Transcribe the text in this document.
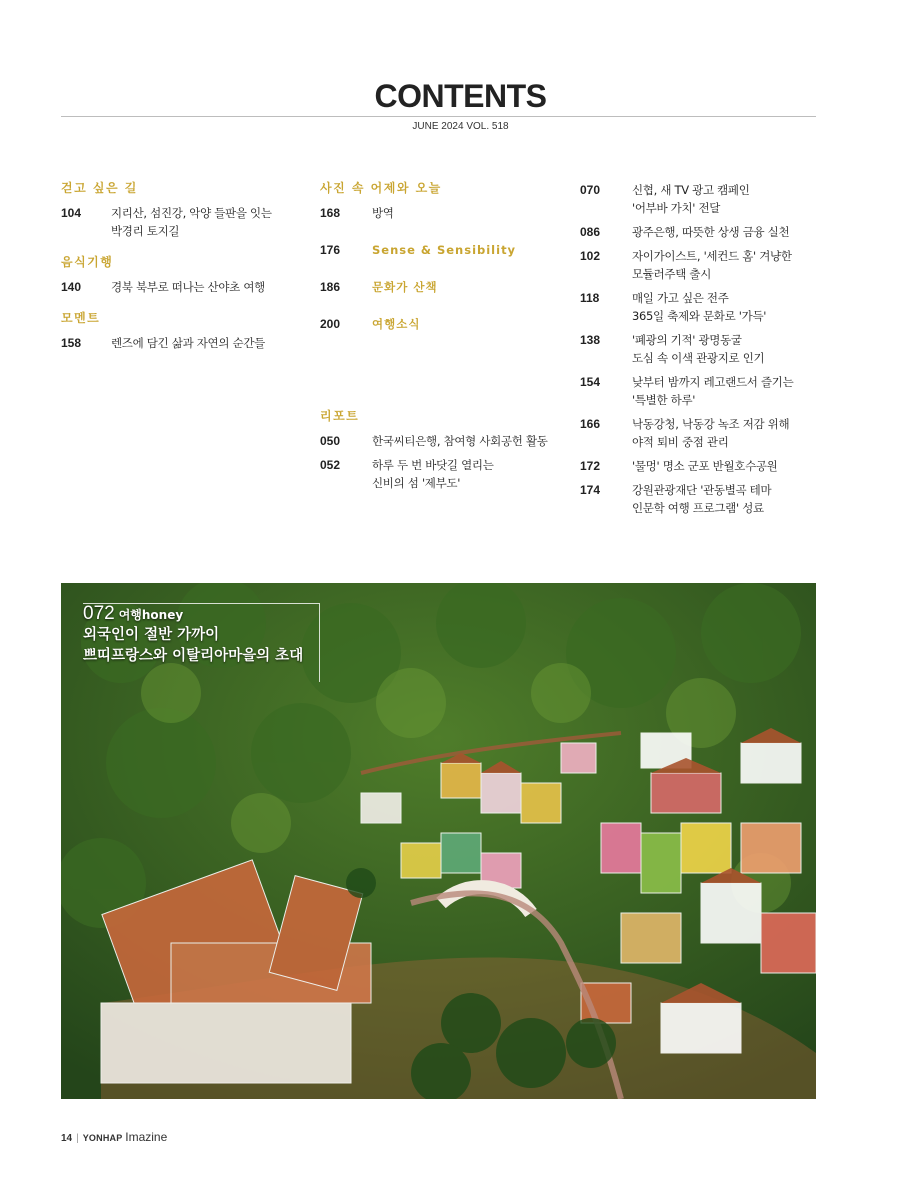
CONTENTS
JUNE 2024 VOL. 518
걷고 싶은 길
104	지리산, 섬진강, 악양 들판을 잇는
박경리 토지길
음식기행
140	경북 북부로 떠나는 산야초 여행
모멘트
158	렌즈에 담긴 삶과 자연의 순간들
사진 속 어제와 오늘
168	방역
176	Sense & Sensibility
186	문화가 산책
200	여행소식
리포트
050	한국씨티은행, 참여형 사회공헌 활동
052	하루 두 번 바닷길 열리는
신비의 섬 '제부도'
070	신협, 새 TV 광고 캠페인
'어부바 가치' 전달
086	광주은행, 따뜻한 상생 금융 실천
102	자이가이스트, '세컨드 홈' 겨냥한
모듈러주택 출시
118	매일 가고 싶은 전주
365일 축제와 문화로 '가득'
138	'폐광의 기적' 광명동굴
도심 속 이색 관광지로 인기
154	낮부터 밤까지 레고랜드서 즐기는
'특별한 하루'
166	낙동강청, 낙동강 녹조 저감 위해
야적 퇴비 중점 관리
172	'물멍' 명소 군포 반월호수공원
174	강원관광재단 '관동별곡 테마
인문학 여행 프로그램' 성료
072 여행honey
외국인이 절반 가까이
쁘띠프랑스와 이탈리아마을의 초대
14 | YONHAP Imazine
